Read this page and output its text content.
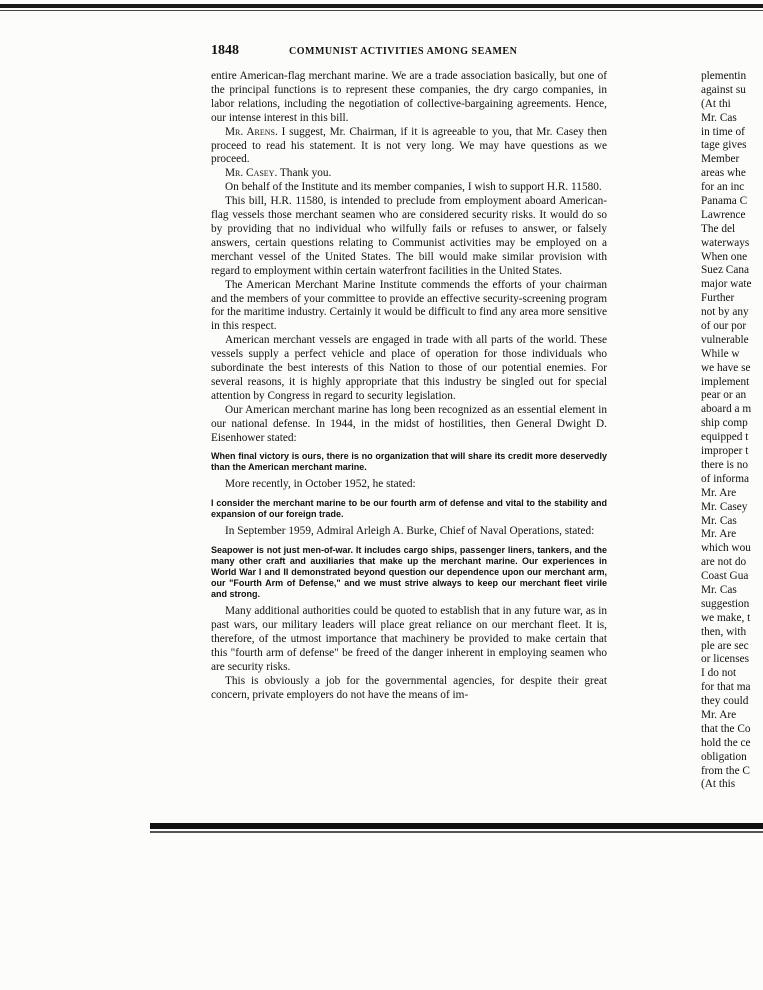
1848	COMMUNIST ACTIVITIES AMONG SEAMEN

entire American-flag merchant marine. We are a trade association basically, but one of the principal functions is to represent these companies, the dry cargo companies, in labor relations, including the negotiation of collective-bargaining agreements. Hence, our intense interest in this bill.

Mr. Arens. I suggest, Mr. Chairman, if it is agreeable to you, that Mr. Casey then proceed to read his statement. It is not very long. We may have questions as we proceed.

Mr. Casey. Thank you.

On behalf of the Institute and its member companies, I wish to support H.R. 11580.

This bill, H.R. 11580, is intended to preclude from employment aboard American-flag vessels those merchant seamen who are considered security risks. It would do so by providing that no individual who wilfully fails or refuses to answer, or falsely answers, certain questions relating to Communist activities may be employed on a merchant vessel of the United States. The bill would make similar provision with regard to employment within certain waterfront facilities in the United States.

The American Merchant Marine Institute commends the efforts of your chairman and the members of your committee to provide an effective security-screening program for the maritime industry. Certainly it would be difficult to find any area more sensitive in this respect.

American merchant vessels are engaged in trade with all parts of the world. These vessels supply a perfect vehicle and place of operation for those individuals who subordinate the best interests of this Nation to those of our potential enemies. For several reasons, it is highly appropriate that this industry be singled out for special attention by Congress in regard to security legislation.

Our American merchant marine has long been recognized as an essential element in our national defense. In 1944, in the midst of hostilities, then General Dwight D. Eisenhower stated:

When final victory is ours, there is no organization that will share its credit more deservedly than the American merchant marine.

More recently, in October 1952, he stated:

I consider the merchant marine to be our fourth arm of defense and vital to the stability and expansion of our foreign trade.

In September 1959, Admiral Arleigh A. Burke, Chief of Naval Operations, stated:

Seapower is not just men-of-war. It includes cargo ships, passenger liners, tankers, and the many other craft and auxiliaries that make up the merchant marine. Our experiences in World War I and II demonstrated beyond question our dependence upon our merchant arm, our "Fourth Arm of Defense," and we must strive always to keep our merchant fleet virile and strong.

Many additional authorities could be quoted to establish that in any future war, as in past wars, our military leaders will place great reliance on our merchant fleet. It is, therefore, of the utmost importance that machinery be provided to make certain that this "fourth arm of defense" be freed of the danger inherent in employing seamen who are security risks.

This is obviously a job for the governmental agencies, for despite their great concern, private employers do not have the means of im-

plementin
against su
(At thi
Mr. Cas
in time of
tage gives
Member
areas whe
for an inc
Panama C
Lawrence
The del
waterways
When one
Suez Cana
major wate
Further
not by any
of our por
vulnerable
While w
we have se
implement
pear or an
aboard a m
ship comp
equipped t
improper t
there is no
of informa
Mr. Are
Mr. Casey
Mr. Cas
Mr. Are
which wou
are not do
Coast Gua
Mr. Cas
suggestion
we make, t
then, with
ple are sec
or licenses
I do not
for that ma
they could
Mr. Are
that the Co
hold the ce
obligation
from the C
(At this
